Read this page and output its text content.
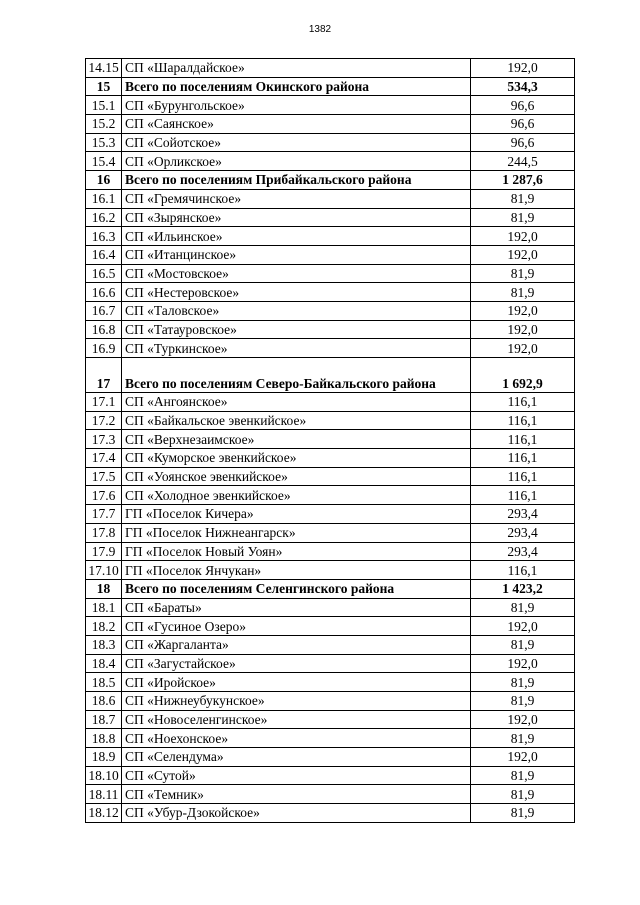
1382
14.15	СП «Шаралдайское»	192,0
15	Всего по поселениям Окинского района	534,3
15.1	СП «Бурунгольское»	96,6
15.2	СП «Саянское»	96,6
15.3	СП «Сойотское»	96,6
15.4	СП «Орликское»	244,5
16	Всего по поселениям Прибайкальского района	1 287,6
16.1	СП «Гремячинское»	81,9
16.2	СП «Зырянское»	81,9
16.3	СП «Ильинское»	192,0
16.4	СП «Итанцинское»	192,0
16.5	СП «Мостовское»	81,9
16.6	СП «Нестеровское»	81,9
16.7	СП «Таловское»	192,0
16.8	СП «Татауровское»	192,0
16.9	СП «Туркинское»	192,0
17	Всего по поселениям Северо-Байкальского района	1 692,9
17.1	СП «Ангоянское»	116,1
17.2	СП «Байкальское эвенкийское»	116,1
17.3	СП «Верхнезаимское»	116,1
17.4	СП «Куморское эвенкийское»	116,1
17.5	СП «Уоянское эвенкийское»	116,1
17.6	СП «Холодное эвенкийское»	116,1
17.7	ГП «Поселок Кичера»	293,4
17.8	ГП «Поселок Нижнеангарск»	293,4
17.9	ГП «Поселок Новый Уоян»	293,4
17.10	ГП «Поселок Янчукан»	116,1
18	Всего по поселениям Селенгинского района	1 423,2
18.1	СП «Бараты»	81,9
18.2	СП «Гусиное Озеро»	192,0
18.3	СП «Жаргаланта»	81,9
18.4	СП «Загустайское»	192,0
18.5	СП «Иройское»	81,9
18.6	СП «Нижнеубукунское»	81,9
18.7	СП «Новоселенгинское»	192,0
18.8	СП «Ноехонское»	81,9
18.9	СП «Селендума»	192,0
18.10	СП «Сутой»	81,9
18.11	СП «Темник»	81,9
18.12	СП «Убур-Дзокойское»	81,9
